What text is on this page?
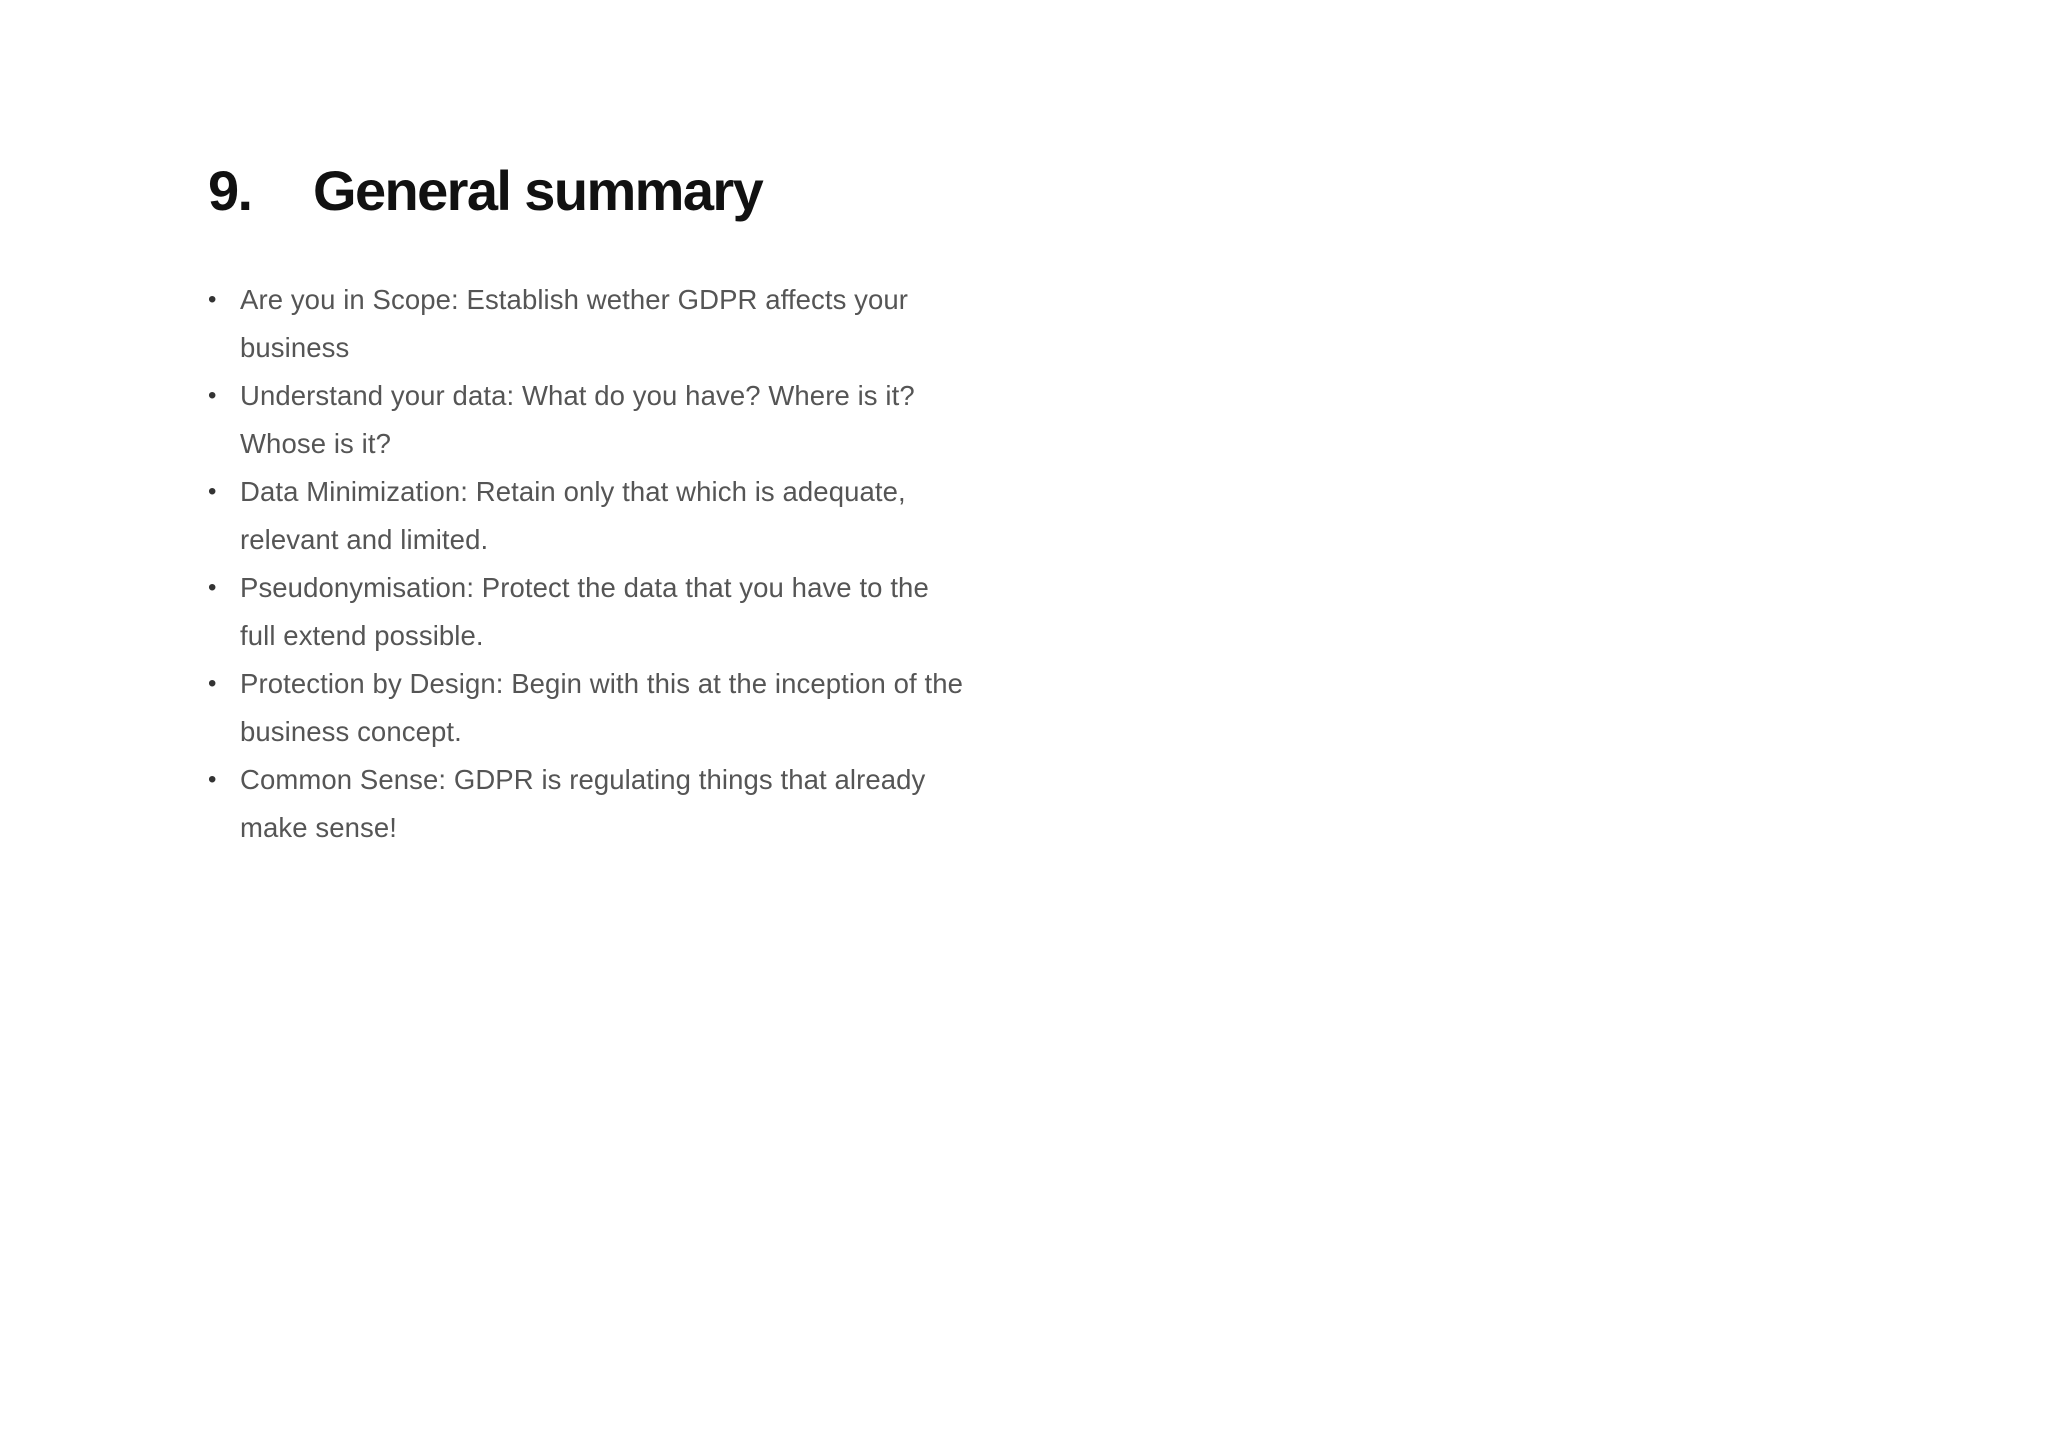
9.	General summary
• Are you in Scope: Establish wether GDPR affects your business
• Understand your data: What do you have? Where is it? Whose is it?
• Data Minimization: Retain only that which is adequate, relevant and limited.
• Pseudonymisation: Protect the data that you have to the full extend possible.
• Protection by Design: Begin with this at the inception of the business concept.
• Common Sense: GDPR is regulating things that already make sense!
